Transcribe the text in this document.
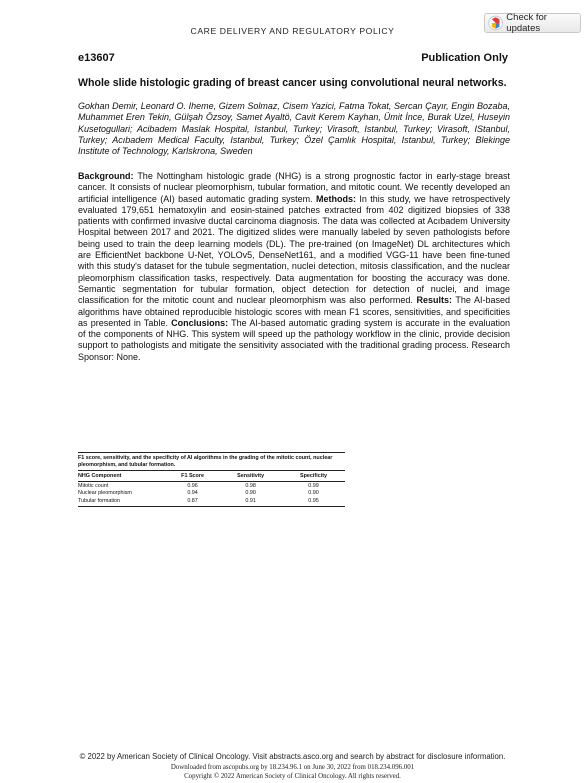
CARE DELIVERY AND REGULATORY POLICY
Check for updates
e13607	Publication Only
Whole slide histologic grading of breast cancer using convolutional neural networks.
Gokhan Demir, Leonard O. Iheme, Gizem Solmaz, Cisem Yazici, Fatma Tokat, Sercan Çayır, Engin Bozaba, Muhammet Eren Tekin, Gülşah Özsoy, Samet Ayaltö, Cavit Kerem Kayhan, Ümit İnce, Burak Uzel, Huseyin Kusetogullari; Acibadem Maslak Hospital, Istanbul, Turkey; Virasoft, Istanbul, Turkey; Virasoft, IStanbul, Turkey; Acıbadem Medical Faculty, Istanbul, Turkey; Özel Çamlık Hospital, Istanbul, Turkey; Blekinge Institute of Technology, Karlskrona, Sweden
Background: The Nottingham histologic grade (NHG) is a strong prognostic factor in early-stage breast cancer. It consists of nuclear pleomorphism, tubular formation, and mitotic count. We recently developed an artificial intelligence (AI) based automatic grading system. Methods: In this study, we have retrospectively evaluated 179,651 hematoxylin and eosin-stained patches extracted from 402 digitized biopsies of 338 patients with confirmed invasive ductal carcinoma diagnosis. The data was collected at Acıbadem University Hospital between 2017 and 2021. The digitized slides were manually labeled by seven pathologists before being used to train the deep learning models (DL). The pre-trained (on ImageNet) DL architectures which are EfficientNet backbone U-Net, YOLOv5, DenseNet161, and a modified VGG-11 have been fine-tuned with this study's dataset for the tubule segmentation, nuclei detection, mitosis classification, and the nuclear pleomorphism classification tasks, respectively. Data augmentation for boosting the accuracy was done. Semantic segmentation for tubular formation, object detection for detection of nuclei, and image classification for the mitotic count and nuclear pleomorphism was also performed. Results: The AI-based algorithms have obtained reproducible histologic scores with mean F1 scores, sensitivities, and specificities as presented in Table. Conclusions: The AI-based automatic grading system is accurate in the evaluation of the components of NHG. This system will speed up the pathology workflow in the clinic, provide decision support to pathologists and mitigate the sensitivity associated with the traditional grading process. Research Sponsor: None.
F1 score, sensitivity, and the specificity of AI algorithms in the grading of the mitotic count, nuclear pleomorphism, and tubular formation.
NHG Component	F1 Score	Sensitivity	Specificity
Mitotic count	0.96	0.98	0.99
Nuclear pleomorphism	0.94	0.90	0.90
Tubular formation	0.87	0.91	0.95
© 2022 by American Society of Clinical Oncology. Visit abstracts.asco.org and search by abstract for disclosure information.
Downloaded from ascopubs.org by 18.234.96.1 on June 30, 2022 from 018.234.096.001
Copyright © 2022 American Society of Clinical Oncology. All rights reserved.
